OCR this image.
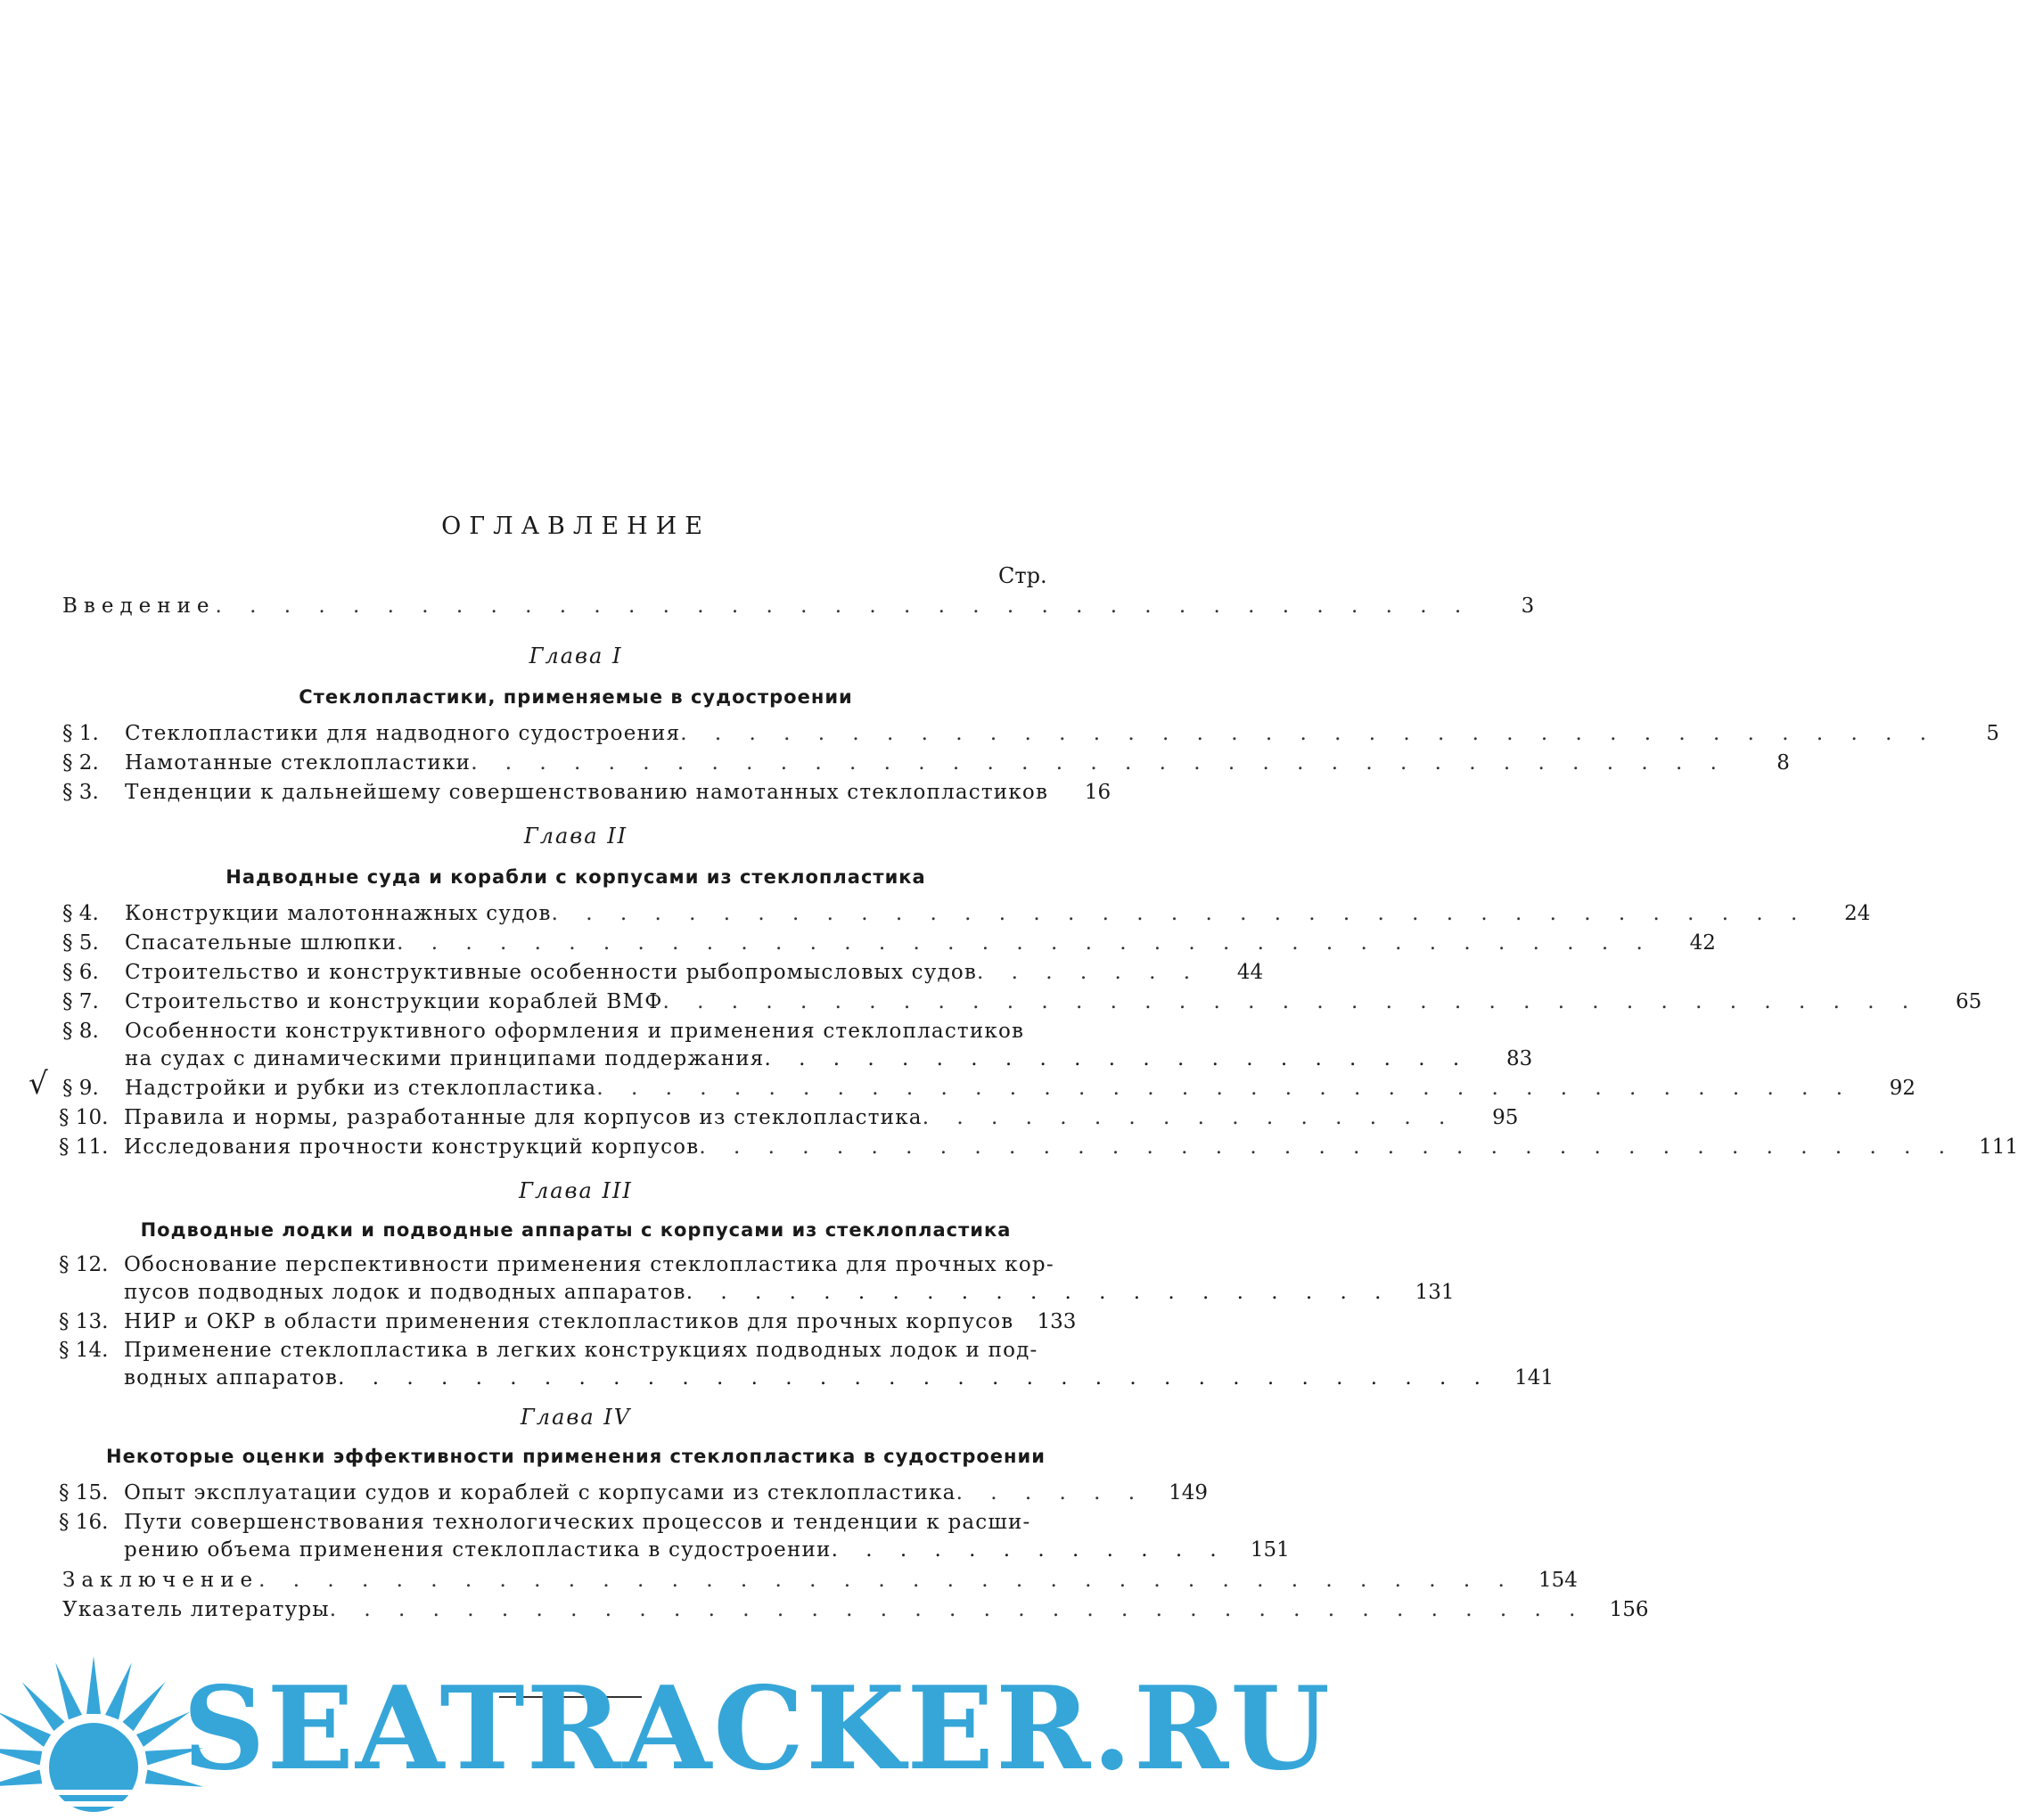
ОГЛАВЛЕНИЕ
Стр.
Введение . . . . . . . . . . . . . . . . . . . . . . . . . . . . . . . . . . . . .	3
Глава I
Стеклопластики, применяемые в судостроении
§ 1.	Стеклопластики для надводного судостроения . . . . . . . . . . . . . . . . . . . . . . . . . . . . . . . . . . . . .	5
§ 2.	Намотанные стеклопластики . . . . . . . . . . . . . . . . . . . . . . . . . . . . . . . . . . . . .	8
§ 3.	Тенденции к дальнейшему совершенствованию намотанных стеклопластиков	16
Глава II
Надводные суда и корабли с корпусами из стеклопластика
§ 4.	Конструкции малотоннажных судов . . . . . . . . . . . . . . . . . . . . . . . . . . . . . . . . . . . . .	24
§ 5.	Спасательные шлюпки . . . . . . . . . . . . . . . . . . . . . . . . . . . . . . . . . . . . .	42
§ 6.	Строительство и конструктивные особенности рыбопромысловых судов . . . . . . .	44
§ 7.	Строительство и конструкции кораблей ВМФ . . . . . . . . . . . . . . . . . . . . . . . . . . . . . . . . . . . . .	65
§ 8.	Особенности конструктивного оформления и применения стеклопластиков
на судах с динамическими принципами поддержания . . . . . . . . . . . . . . . . . . . . .	83
√ § 9.	Надстройки и рубки из стеклопластика . . . . . . . . . . . . . . . . . . . . . . . . . . . . . . . . . . . . .	92
§ 10. Правила и нормы, разработанные для корпусов из стеклопластика . . . . . . . . . . . . . . . .	95
§ 11. Исследования прочности конструкций корпусов . . . . . . . . . . . . . . . . . . . . . . . . . . . . . . . . . . . . .	111
Глава III
Подводные лодки и подводные аппараты с корпусами из стеклопластика
§ 12. Обоснование перспективности применения стеклопластика для прочных кор-
пусов подводных лодок и подводных аппаратов . . . . . . . . . . . . . . . . . . . . .	131
§ 13. НИР и ОКР в области применения стеклопластиков для прочных корпусов	133
§ 14. Применение стеклопластика в легких конструкциях подводных лодок и под-
водных аппаратов . . . . . . . . . . . . . . . . . . . . . . . . . . . . . . . . . .	141
Глава IV
Некоторые оценки эффективности применения стеклопластика в судостроении
§ 15. Опыт эксплуатации судов и кораблей с корпусами из стеклопластика . . . . . .	149
§ 16. Пути совершенствования технологических процессов и тенденции к расши-
рению объема применения стеклопластика в судостроении . . . . . . . . . . . .	151
Заключение . . . . . . . . . . . . . . . . . . . . . . . . . . . . . . . . . . . . .	154
Указатель литературы . . . . . . . . . . . . . . . . . . . . . . . . . . . . . . . . . . . . .	156
SEATRACKER.RU
